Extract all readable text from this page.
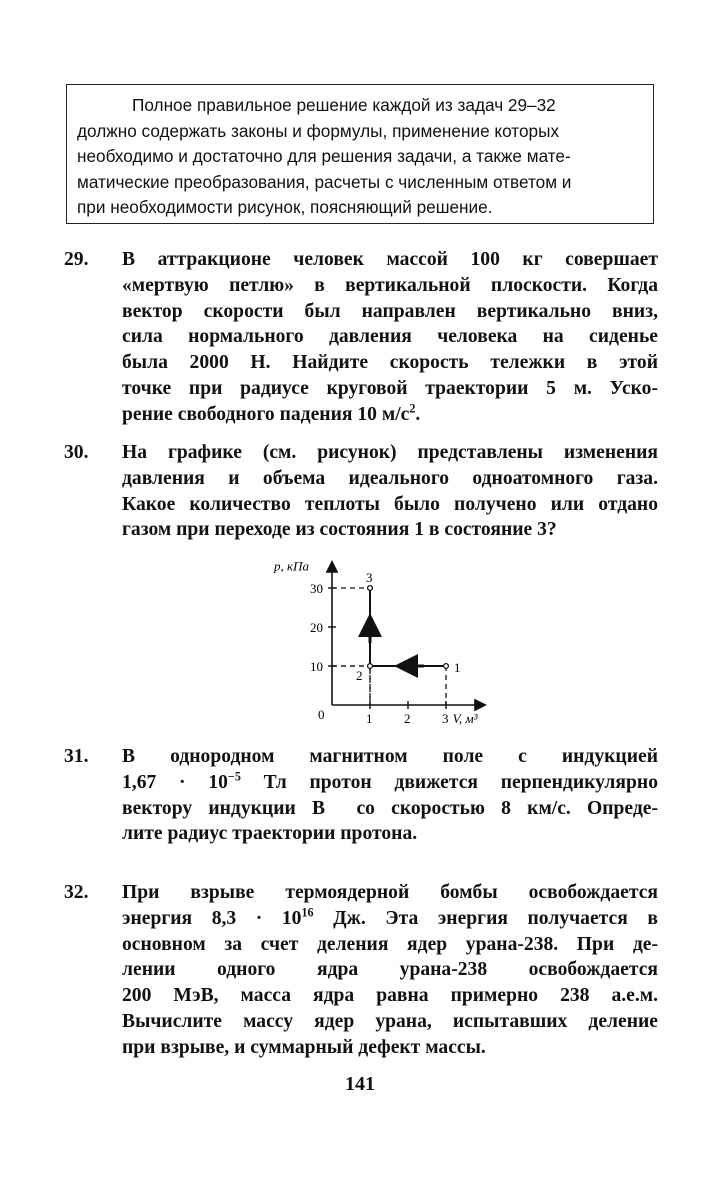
Полное правильное решение каждой из задач 29–32
должно содержать законы и формулы, применение которых
необходимо и достаточно для решения задачи, а также мате-
матические преобразования, расчеты с численным ответом и
при необходимости рисунок, поясняющий решение.
29. В аттракционе человек массой 100 кг совершает
«мертвую петлю» в вертикальной плоскости. Когда
вектор скорости был направлен вертикально вниз,
сила нормального давления человека на сиденье
была 2000 Н. Найдите скорость тележки в этой
точке при радиусе круговой траектории 5 м. Уско-
рение свободного падения 10 $м/с^2$.
30. На графике (см. рисунок) представлены изменения
давления и объема идеального одноатомного газа.
Какое количество теплоты было получено или отдано
газом при переходе из состояния 1 в состояние 3?
p, кПа
V, м³
0	1 2 3
10
20
30
1
2
3
31. В однородном магнитном поле с индукцией
$1,67 \cdot 10^{-5}$ Тл протон движется перпендикулярно
вектору индукции B⃗ со скоростью 8 км/с. Опреде-
лите радиус траектории протона.
32. При взрыве термоядерной бомбы освобождается
энергия $8,3 \cdot 10^{16}$ Дж. Эта энергия получается в
основном за счет деления ядер урана-238. При де-
лении одного ядра урана-238 освобождается
200 МэВ, масса ядра равна примерно 238 а.е.м.
Вычислите массу ядер урана, испытавших деление
при взрыве, и суммарный дефект массы.
141
